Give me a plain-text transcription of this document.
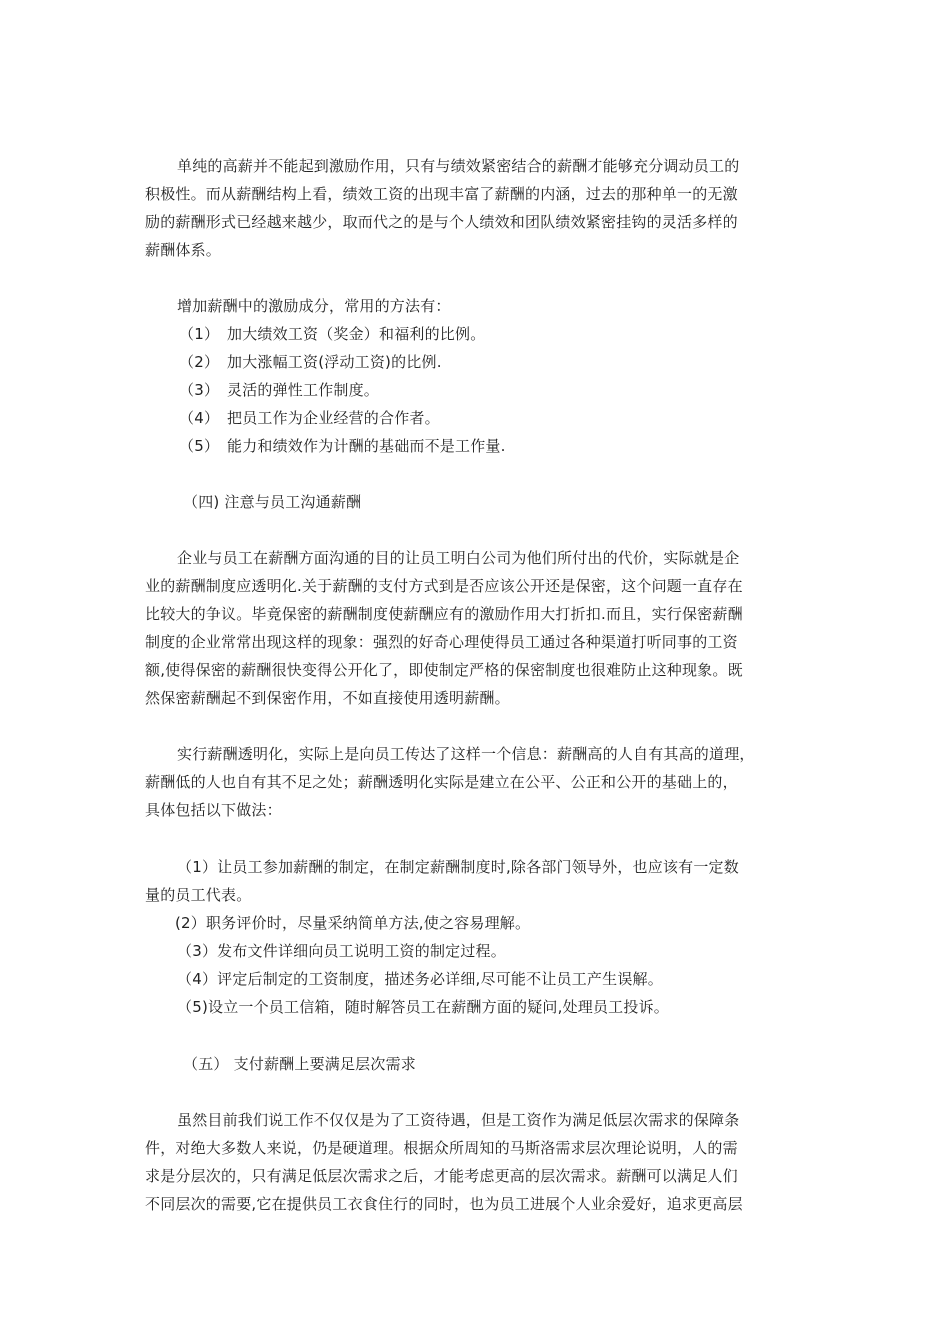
单纯的高薪并不能起到激励作用，只有与绩效紧密结合的薪酬才能够充分调动员工的
积极性。而从薪酬结构上看，绩效工资的出现丰富了薪酬的内涵，过去的那种单一的无激
励的薪酬形式已经越来越少，取而代之的是与个人绩效和团队绩效紧密挂钩的灵活多样的
薪酬体系。
增加薪酬中的激励成分，常用的方法有：
（1） 加大绩效工资（奖金）和福利的比例。
（2） 加大涨幅工资(浮动工资)的比例.
（3） 灵活的弹性工作制度。
（4） 把员工作为企业经营的合作者。
（5） 能力和绩效作为计酬的基础而不是工作量.
（四) 注意与员工沟通薪酬
企业与员工在薪酬方面沟通的目的让员工明白公司为他们所付出的代价，实际就是企
业的薪酬制度应透明化.关于薪酬的支付方式到是否应该公开还是保密，这个问题一直存在
比较大的争议。毕竟保密的薪酬制度使薪酬应有的激励作用大打折扣.而且，实行保密薪酬
制度的企业常常出现这样的现象：强烈的好奇心理使得员工通过各种渠道打听同事的工资
额,使得保密的薪酬很快变得公开化了，即使制定严格的保密制度也很难防止这种现象。既
然保密薪酬起不到保密作用，不如直接使用透明薪酬。
实行薪酬透明化，实际上是向员工传达了这样一个信息：薪酬高的人自有其高的道理，
薪酬低的人也自有其不足之处；薪酬透明化实际是建立在公平、公正和公开的基础上的，
具体包括以下做法：
（1）让员工参加薪酬的制定，在制定薪酬制度时,除各部门领导外，也应该有一定数
量的员工代表。
(2）职务评价时，尽量采纳简单方法,使之容易理解。
（3）发布文件详细向员工说明工资的制定过程。
（4）评定后制定的工资制度，描述务必详细,尽可能不让员工产生误解。
（5)设立一个员工信箱，随时解答员工在薪酬方面的疑问,处理员工投诉。
（五） 支付薪酬上要满足层次需求
虽然目前我们说工作不仅仅是为了工资待遇，但是工资作为满足低层次需求的保障条
件，对绝大多数人来说，仍是硬道理。根据众所周知的马斯洛需求层次理论说明，人的需
求是分层次的，只有满足低层次需求之后，才能考虑更高的层次需求。薪酬可以满足人们
不同层次的需要,它在提供员工衣食住行的同时，也为员工进展个人业余爱好，追求更高层
